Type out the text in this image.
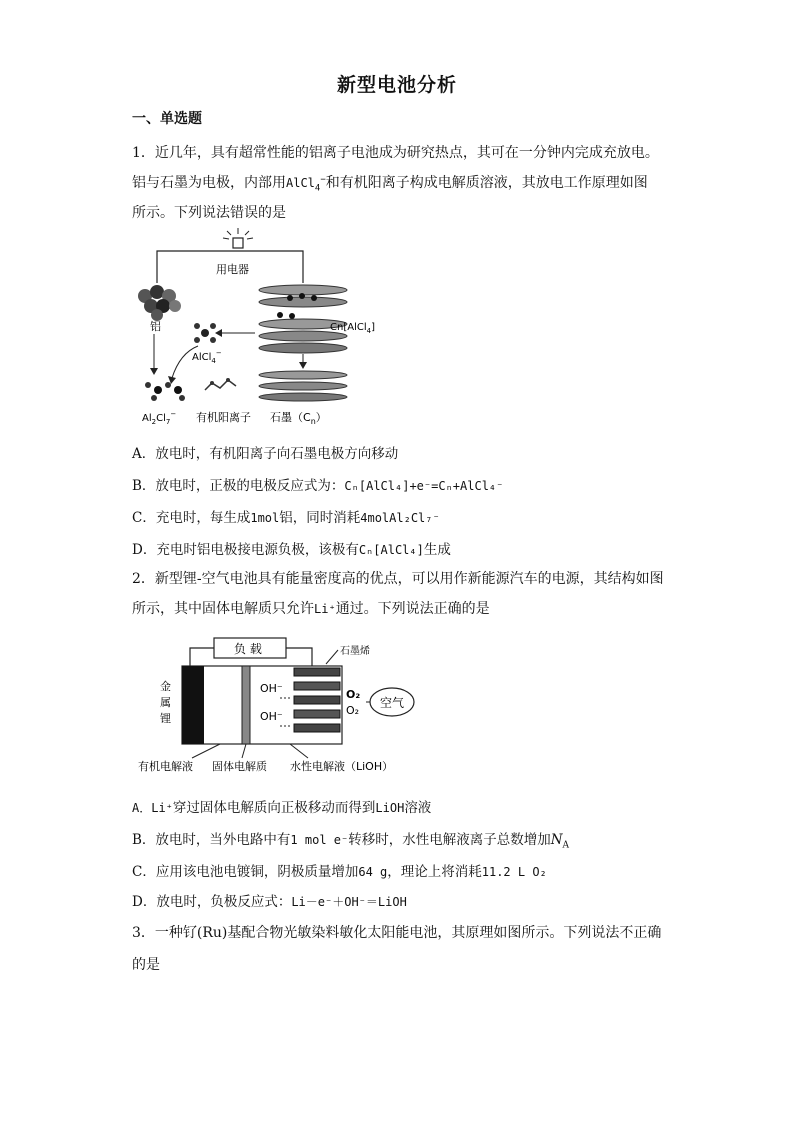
新型电池分析
一、单选题
1．近几年，具有超常性能的铝离子电池成为研究热点，其可在一分钟内完成充放电。
铝与石墨为电极，内部用AlCl$_4$−和有机阳离子构成电解质溶液，其放电工作原理如图
所示。下列说法错误的是
用电器
铝
AlCl$_4$−
Cn[AlCl$_4$]
$Al_2Cl_7^-$ 有机阳离子 石墨$(C_n)$
A．放电时，有机阳离子向石墨电极方向移动
B．放电时，正极的电极反应式为：Cₙ[AlCl₄]+e⁻=Cₙ+AlCl₄⁻
C．充电时，每生成1mol铝，同时消耗4molAl₂Cl₇⁻
D．充电时铝电极接电源负极，该极有Cₙ[AlCl₄]生成
2．新型锂-空气电池具有能量密度高的优点，可以用作新能源汽车的电源，其结构如图
所示，其中固体电解质只允许Li⁺通过。下列说法正确的是
负 载	石墨烯
金
属
锂
OH⁻
OH⁻
O₂
O₂
空气
有机电解液 固体电解质 水性电解液（LiOH）
A．Li⁺穿过固体电解质向正极移动而得到LiOH溶液
B．放电时，当外电路中有1 mol e⁻转移时，水性电解液离子总数增加$N_A$
C．应用该电池电镀铜，阴极质量增加64 g，理论上将消耗11.2 L O₂
D．放电时，负极反应式：Li－e⁻＋OH⁻＝LiOH
3．一种钌(Ru)基配合物光敏染料敏化太阳能电池，其原理如图所示。下列说法不正确
的是
